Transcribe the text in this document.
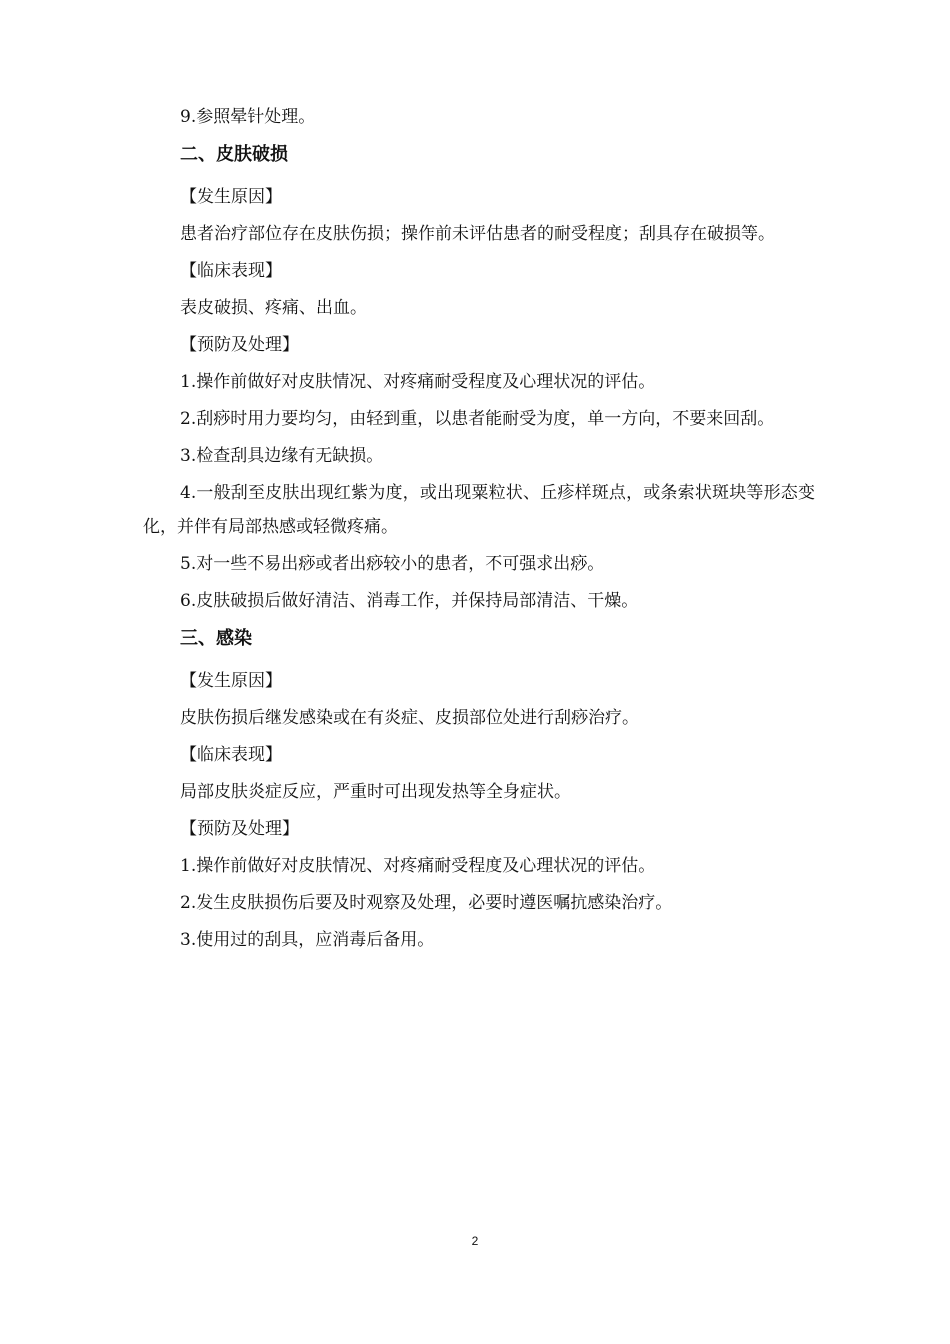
9.参照晕针处理。

二、皮肤破损

【发生原因】

患者治疗部位存在皮肤伤损；操作前未评估患者的耐受程度；刮具存在破损等。

【临床表现】

表皮破损、疼痛、出血。

【预防及处理】

1.操作前做好对皮肤情况、对疼痛耐受程度及心理状况的评估。

2.刮痧时用力要均匀，由轻到重，以患者能耐受为度，单一方向，不要来回刮。

3.检查刮具边缘有无缺损。

4.一般刮至皮肤出现红紫为度，或出现粟粒状、丘疹样斑点，或条索状斑块等形态变化，并伴有局部热感或轻微疼痛。

5.对一些不易出痧或者出痧较小的患者，不可强求出痧。

6.皮肤破损后做好清洁、消毒工作，并保持局部清洁、干燥。

三、感染

【发生原因】

皮肤伤损后继发感染或在有炎症、皮损部位处进行刮痧治疗。

【临床表现】

局部皮肤炎症反应，严重时可出现发热等全身症状。

【预防及处理】

1.操作前做好对皮肤情况、对疼痛耐受程度及心理状况的评估。

2.发生皮肤损伤后要及时观察及处理，必要时遵医嘱抗感染治疗。

3.使用过的刮具，应消毒后备用。

2
